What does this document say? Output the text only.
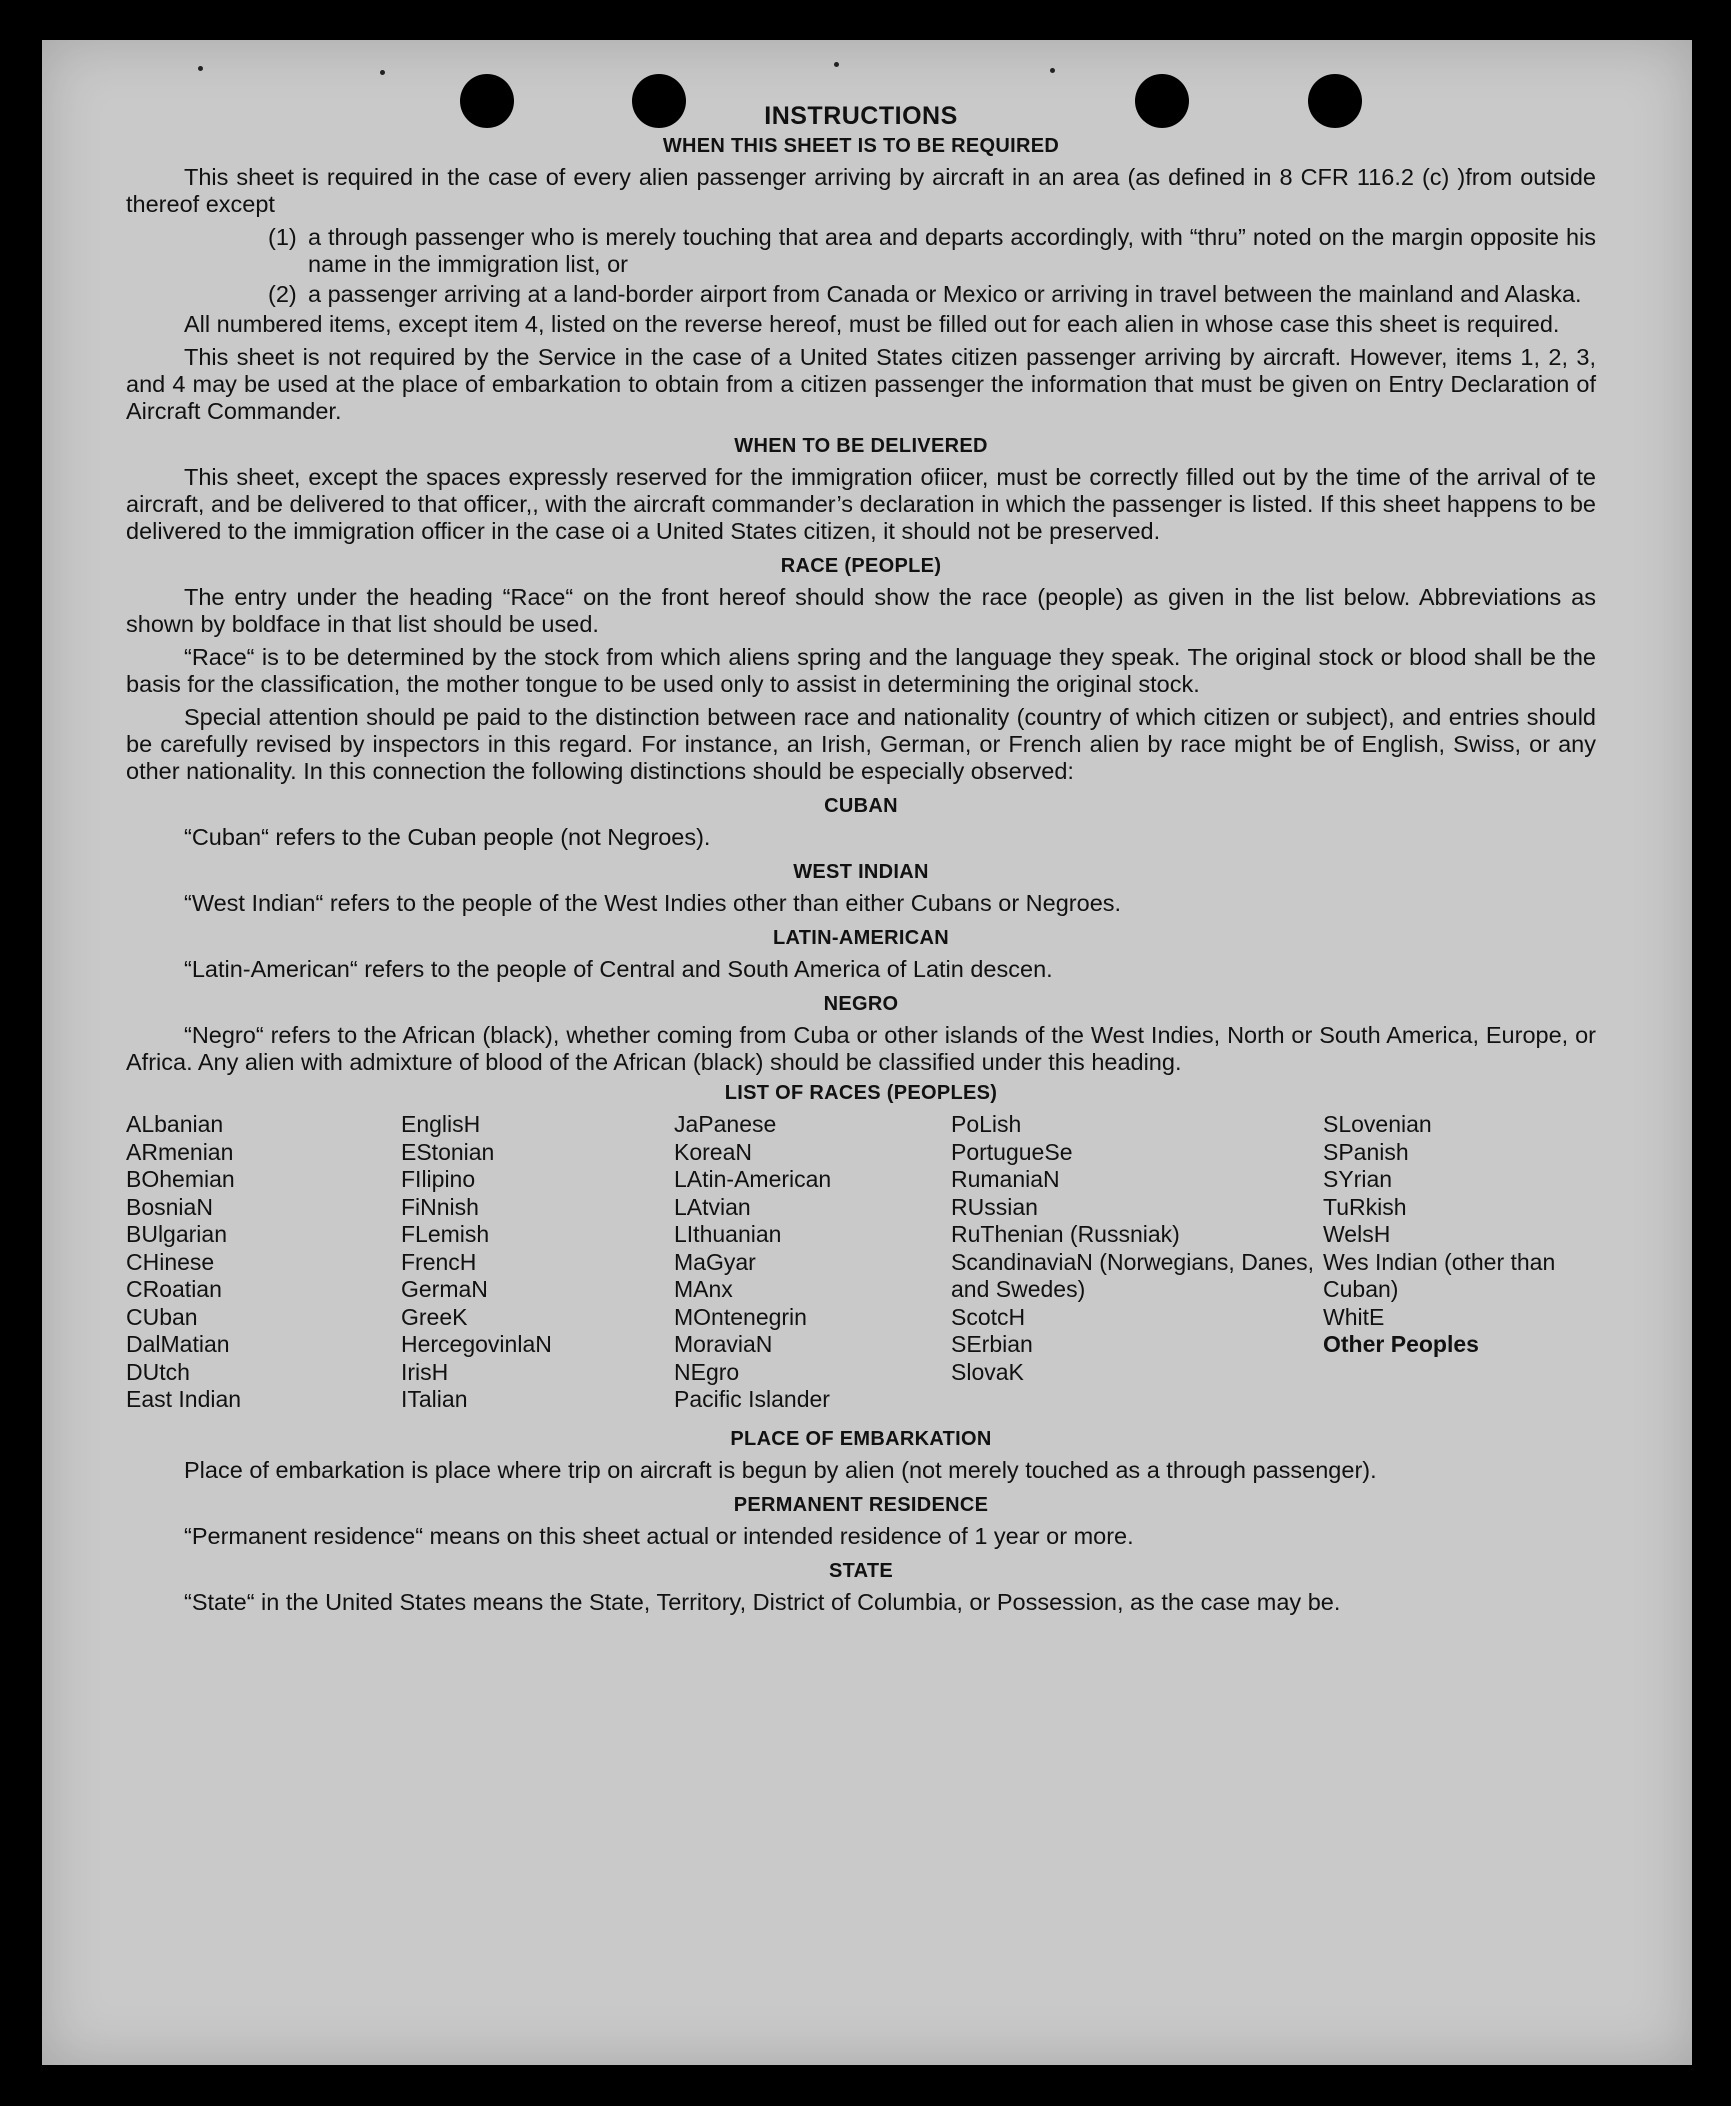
INSTRUCTIONS
WHEN THIS SHEET IS TO BE REQUIRED

This sheet is required in the case of every alien passenger arriving by aircraft in an area (as defined in 8 CFR 116.2 (c) )from outside thereof except

(1) a through passenger who is merely touching that area and departs accordingly, with “thru” noted on the margin opposite his name in the immigration list, or
(2) a passenger arriving at a land-border airport from Canada or Mexico or arriving in travel between the mainland and Alaska.

All numbered items, except item 4, listed on the reverse hereof, must be filled out for each alien in whose case this sheet is required.

This sheet is not required by the Service in the case of a United States citizen passenger arriving by aircraft. However, items 1, 2, 3, and 4 may be used at the place of embarkation to obtain from a citizen passenger the information that must be given on Entry Declaration of Aircraft Commander.

WHEN TO BE DELIVERED

This sheet, except the spaces expressly reserved for the immigration ofiicer, must be correctly filled out by the time of the arrival of te aircraft, and be delivered to that officer,, with the aircraft commander’s declaration in which the passenger is listed. If this sheet happens to be delivered to the immigration officer in the case oi a United States citizen, it should not be preserved.

RACE (PEOPLE)

The entry under the heading “Race“ on the front hereof should show the race (people) as given in the list below. Abbreviations as shown by boldface in that list should be used.

“Race“ is to be determined by the stock from which aliens spring and the language they speak. The original stock or blood shall be the basis for the classification, the mother tongue to be used only to assist in determining the original stock.

Special attention should pe paid to the distinction between race and nationality (country of which citizen or subject), and entries should be carefully revised by inspectors in this regard. For instance, an Irish, German, or French alien by race might be of English, Swiss, or any other nationality. In this connection the following distinctions should be especially observed:

CUBAN

“Cuban“ refers to the Cuban people (not Negroes).

WEST INDIAN

“West Indian“ refers to the people of the West Indies other than either Cubans or Negroes.

LATIN-AMERICAN

“Latin-American“ refers to the people of Central and South America of Latin descen.

NEGRO

“Negro“ refers to the African (black), whether coming from Cuba or other islands of the West Indies, North or South America, Europe, or Africa. Any alien with admixture of blood of the African (black) should be classified under this heading.

LIST OF RACES (PEOPLES)
ALbanian
ARmenian
BOhemian
BosniaN
BUlgarian
CHinese
CRoatian
CUban
DalMatian
DUtch
East Indian
EnglisH
EStonian
FIlipino
FiNnish
FLemish
FrencH
GermaN
GreeK
HercegovinlaN
IrisH
ITalian
JaPanese
KoreaN
LAtin-American
LAtvian
LIthuanian
MaGyar
MAnx
MOntenegrin
MoraviaN
NEgro
Pacific Islander
PoLish
PortugueSe
RumaniaN
RUssian
RuThenian (Russniak)
ScandinaviaN (Norwegians, Danes, and Swedes)
ScotcH
SErbian
SlovaK
SLovenian
SPanish
SYrian
TuRkish
WelsH
Wes Indian (other than Cuban)
WhitE
Other Peoples
PLACE OF EMBARKATION

Place of embarkation is place where trip on aircraft is begun by alien (not merely touched as a through passenger).

PERMANENT RESIDENCE

“Permanent residence“ means on this sheet actual or intended residence of 1 year or more.

STATE

“State“ in the United States means the State, Territory, District of Columbia, or Possession, as the case may be.
